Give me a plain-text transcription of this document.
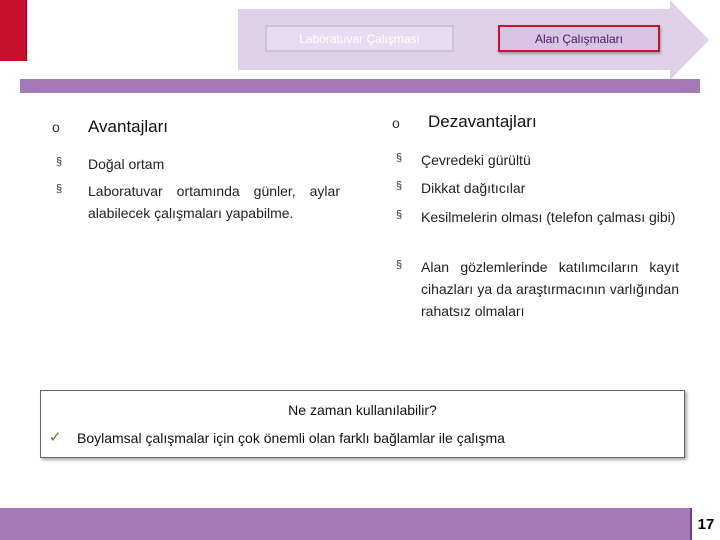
Laboratuvar Çalışması	Alan Çalışmaları
o Avantajları
§ Doğal ortam
§ Laboratuvar ortamında günler, aylar alabilecek çalışmaları yapabilme.
o Dezavantajları
§ Çevredeki gürültü
§ Dikkat dağıtıcılar
§ Kesilmelerin olması (telefon çalması gibi)
§ Alan gözlemlerinde katılımcıların kayıt cihazları ya da araştırmacının varlığından rahatsız olmaları
Ne zaman kullanılabilir?
✓ Boylamsal çalışmalar için çok önemli olan farklı bağlamlar ile çalışma
17
